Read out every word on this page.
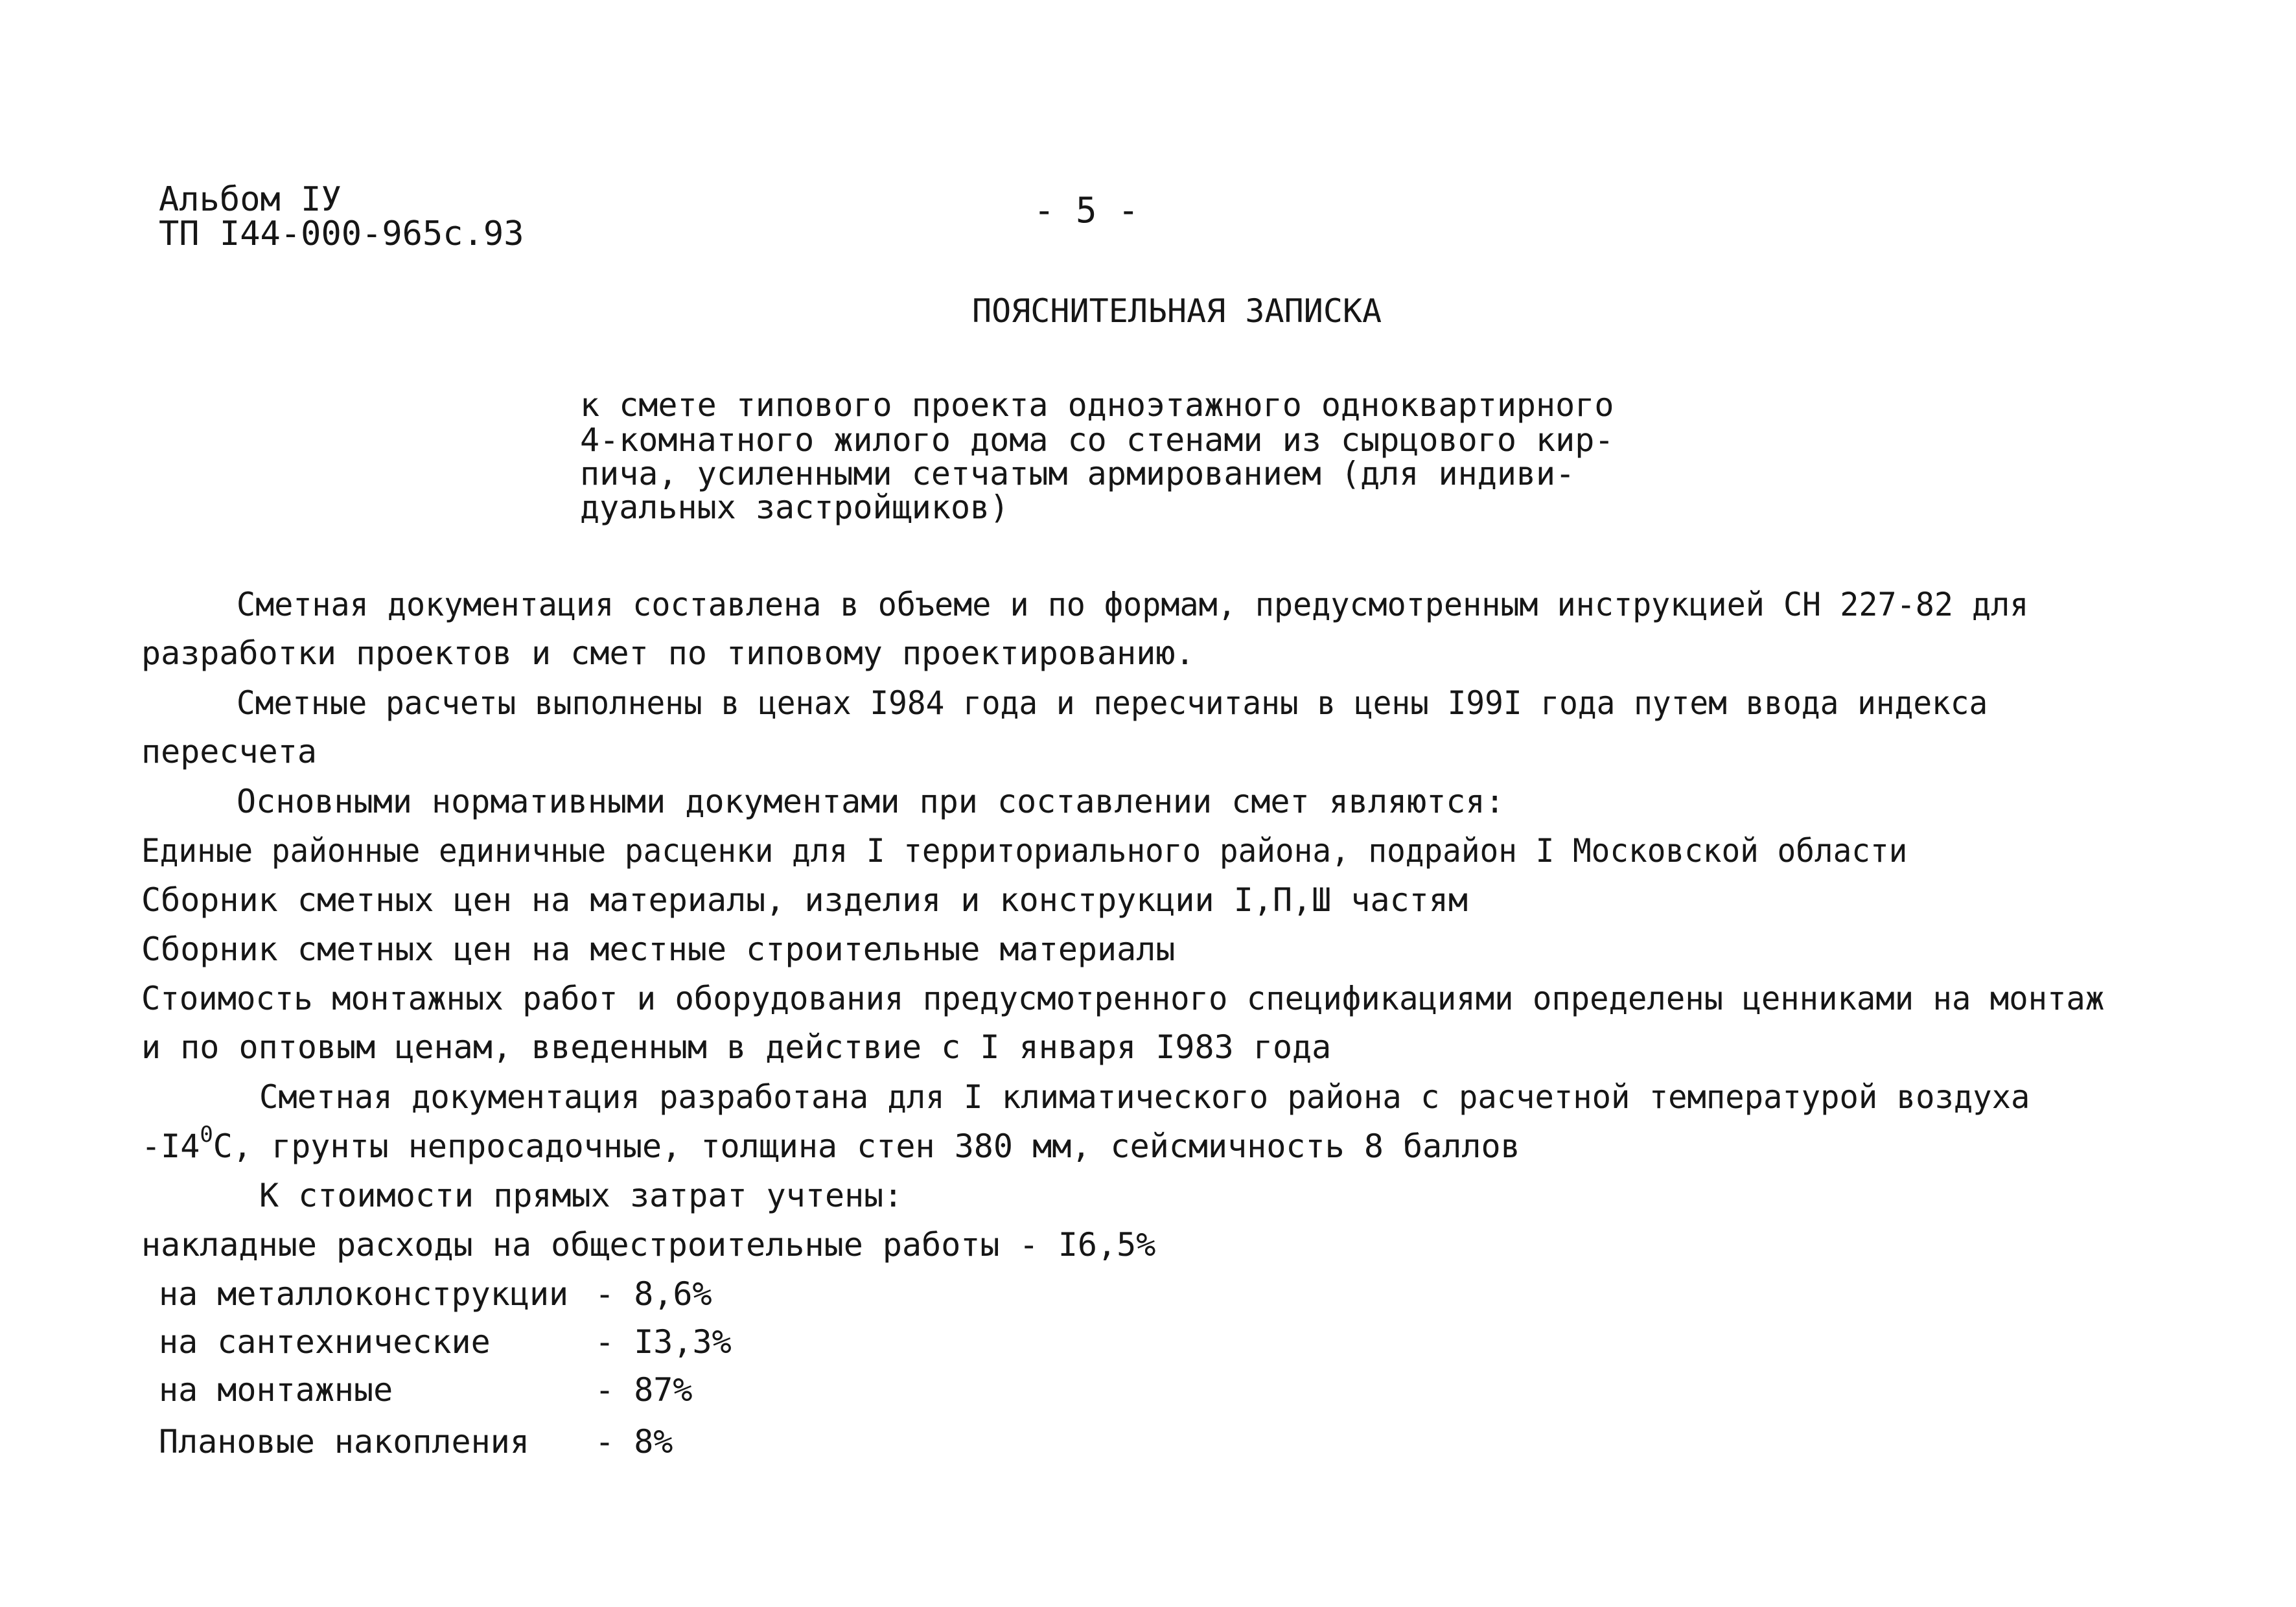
Альбом IУ
ТП I44-000-965с.93
- 5 -
ПОЯСНИТЕЛЬНАЯ ЗАПИСКА
к смете типового проекта одноэтажного одноквартирного
4-комнатного жилого дома со стенами из сырцового кир-
пича, усиленными сетчатым армированием (для индиви-
дуальных застройщиков)
Сметная документация составлена в объеме и по формам, предусмотренным инструкцией СН 227-82 для
разработки проектов и смет по типовому проектированию.
Сметные расчеты выполнены в ценах I984 года и пересчитаны в цены I99I года путем ввода индекса
пересчета
Основными нормативными документами при составлении смет являются:
Единые районные единичные расценки для I территориального района, подрайон I Московской области
Сборник сметных цен на материалы, изделия и конструкции I,П,Ш частям
Сборник сметных цен на местные строительные материалы
Стоимость монтажных работ и оборудования предусмотренного спецификациями определены ценниками на монтаж
и по оптовым ценам, введенным в действие с I января I983 года
Сметная документация разработана для I климатического района с расчетной температурой воздуха
$-I4^0С$, грунты непросадочные, толщина стен 380 мм, сейсмичность 8 баллов
К стоимости прямых затрат учтены:
накладные расходы на общестроительные работы - I6,5%
на металлоконструкции - 8,6%
на сантехнические	- I3,3%
на монтажные	- 87%
Плановые накопления - 8%
